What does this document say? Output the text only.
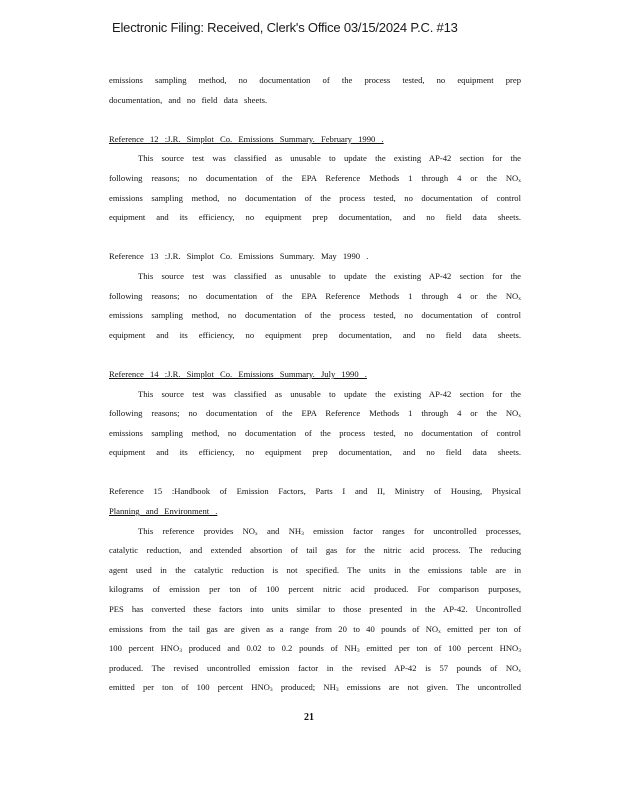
Electronic Filing: Received, Clerk's Office 03/15/2024 P.C. #13
emissions sampling method, no documentation of the process tested, no equipment prep
documentation, and no field data sheets.
Reference 12 :J.R. Simplot Co. Emissions Summary. February 1990 .
This source test was classified as unusable to update the existing AP-42 section for the
following reasons; no documentation of the EPA Reference Methods 1 through 4 or the $NO_x$
emissions sampling method, no documentation of the process tested, no documentation of control
equipment and its efficiency, no equipment prep documentation, and no field data sheets.
Reference 13 :J.R. Simplot Co. Emissions Summary. May 1990 .
This source test was classified as unusable to update the existing AP-42 section for the
following reasons; no documentation of the EPA Reference Methods 1 through 4 or the $NO_x$
emissions sampling method, no documentation of the process tested, no documentation of control
equipment and its efficiency, no equipment prep documentation, and no field data sheets.
Reference 14 :J.R. Simplot Co. Emissions Summary. July 1990 .
This source test was classified as unusable to update the existing AP-42 section for the
following reasons; no documentation of the EPA Reference Methods 1 through 4 or the $NO_x$
emissions sampling method, no documentation of the process tested, no documentation of control
equipment and its efficiency, no equipment prep documentation, and no field data sheets.
Reference 15 :Handbook of Emission Factors, Parts I and II, Ministry of Housing, Physical
Planning and Environment .
This reference provides $NO_x$ and $NH_3$ emission factor ranges for uncontrolled processes,
catalytic reduction, and extended absortion of tail gas for the nitric acid process. The reducing
agent used in the catalytic reduction is not specified. The units in the emissions table are in
kilograms of emission per ton of 100 percent nitric acid produced. For comparison purposes,
PES has converted these factors into units similar to those presented in the AP-42. Uncontrolled
emissions from the tail gas are given as a range from 20 to 40 pounds of $NO_x$ emitted per ton of
100 percent $HNO_3$ produced and 0.02 to 0.2 pounds of $NH_3$ emitted per ton of 100 percent $HNO_3$
produced. The revised uncontrolled emission factor in the revised AP-42 is 57 pounds of $NO_x$
emitted per ton of 100 percent $HNO_3$ produced; $NH_3$ emissions are not given. The uncontrolled
21
